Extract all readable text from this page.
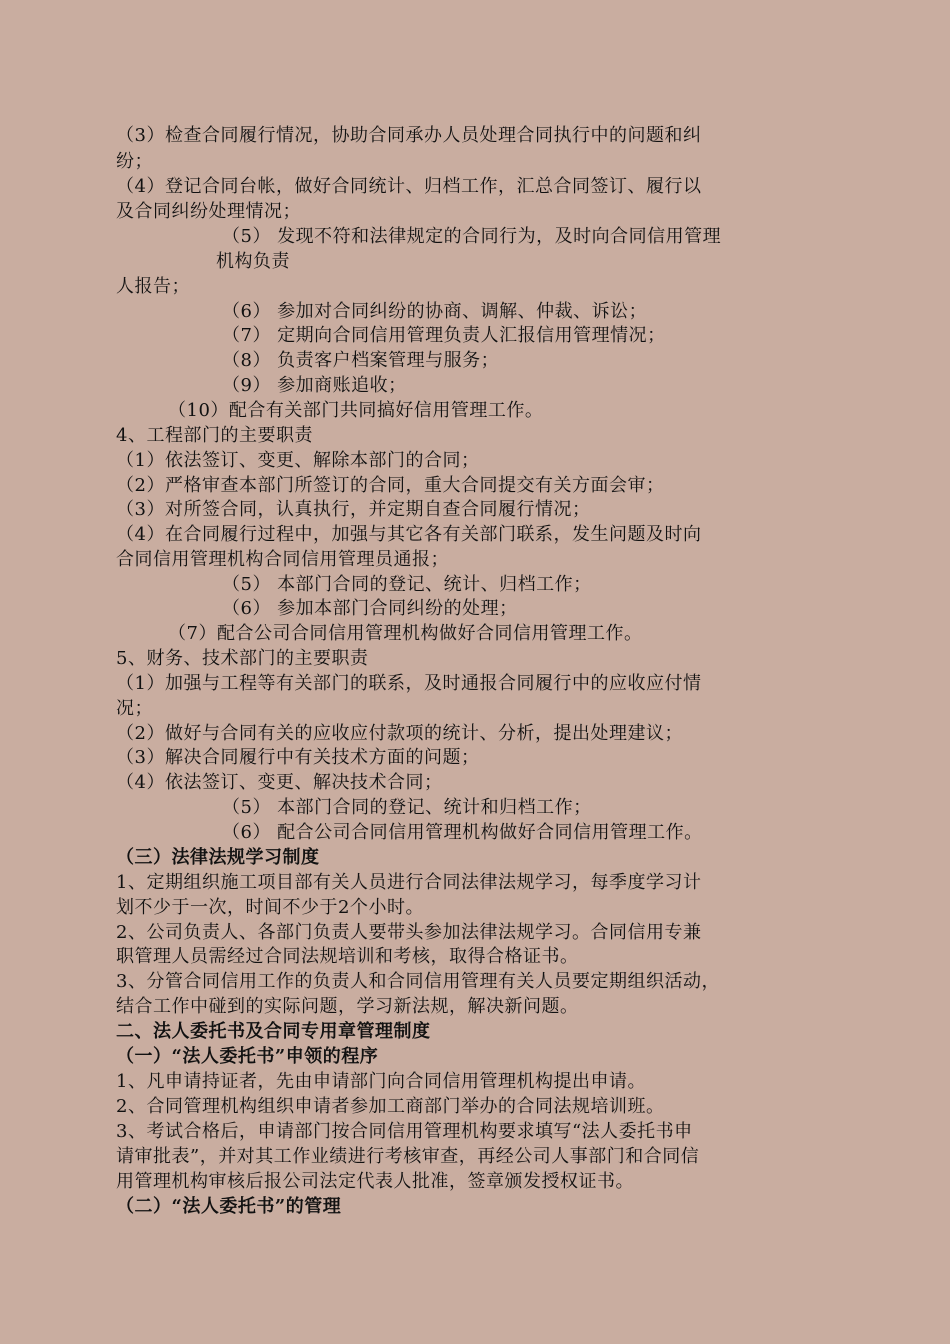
（3）检查合同履行情况，协助合同承办人员处理合同执行中的问题和纠
纷；
（4）登记合同台帐，做好合同统计、归档工作，汇总合同签订、履行以
及合同纠纷处理情况；
（5） 发现不符和法律规定的合同行为，及时向合同信用管理
机构负责
人报告；
（6） 参加对合同纠纷的协商、调解、仲裁、诉讼；
（7） 定期向合同信用管理负责人汇报信用管理情况；
（8） 负责客户档案管理与服务；
（9） 参加商账追收；
（10）配合有关部门共同搞好信用管理工作。
4、工程部门的主要职责
（1）依法签订、变更、解除本部门的合同；
（2）严格审查本部门所签订的合同，重大合同提交有关方面会审；
（3）对所签合同，认真执行，并定期自查合同履行情况；
（4）在合同履行过程中，加强与其它各有关部门联系，发生问题及时向
合同信用管理机构合同信用管理员通报；
（5） 本部门合同的登记、统计、归档工作；
（6） 参加本部门合同纠纷的处理；
（7）配合公司合同信用管理机构做好合同信用管理工作。
5、财务、技术部门的主要职责
（1）加强与工程等有关部门的联系，及时通报合同履行中的应收应付情
况；
（2）做好与合同有关的应收应付款项的统计、分析，提出处理建议；
（3）解决合同履行中有关技术方面的问题；
（4）依法签订、变更、解决技术合同；
（5） 本部门合同的登记、统计和归档工作；
（6） 配合公司合同信用管理机构做好合同信用管理工作。
（三）法律法规学习制度
1、定期组织施工项目部有关人员进行合同法律法规学习，每季度学习计
划不少于一次，时间不少于2个小时。
2、公司负责人、各部门负责人要带头参加法律法规学习。合同信用专兼
职管理人员需经过合同法规培训和考核，取得合格证书。
3、分管合同信用工作的负责人和合同信用管理有关人员要定期组织活动，
结合工作中碰到的实际问题，学习新法规，解决新问题。
二、法人委托书及合同专用章管理制度
（一）“法人委托书”申领的程序
1、凡申请持证者，先由申请部门向合同信用管理机构提出申请。
2、合同管理机构组织申请者参加工商部门举办的合同法规培训班。
3、考试合格后，申请部门按合同信用管理机构要求填写“法人委托书申
请审批表”，并对其工作业绩进行考核审查，再经公司人事部门和合同信
用管理机构审核后报公司法定代表人批准，签章颁发授权证书。
（二）“法人委托书”的管理
